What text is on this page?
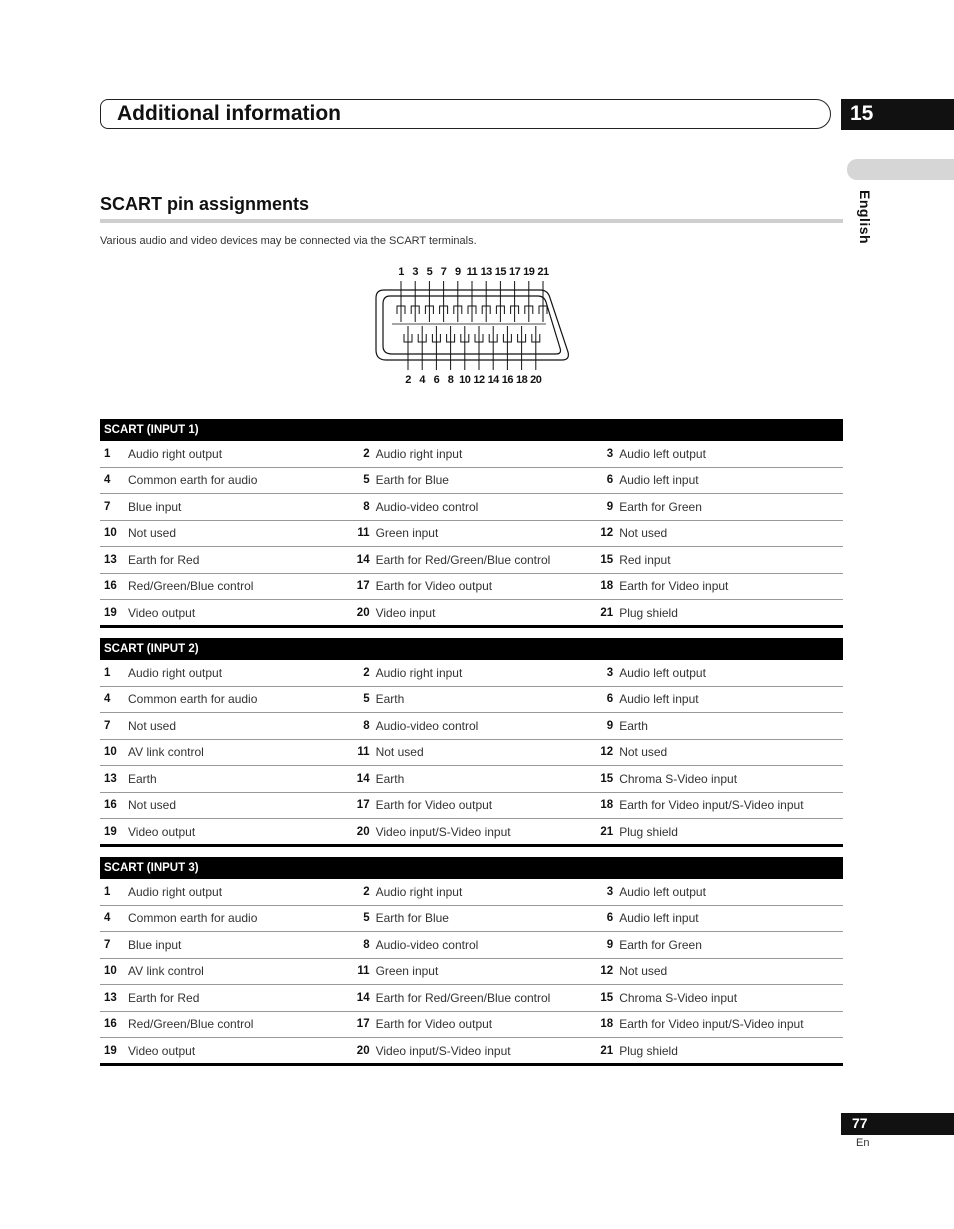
Additional information	15
English
SCART pin assignments
Various audio and video devices may be connected via the SCART terminals.
1 3 5 7 9 11 13 15 17 19 21
2 4 6 8 10 12 14 16 18 20
SCART (INPUT 1)
1	Audio right output	2 Audio right input	3 Audio left output
4	Common earth for audio	5 Earth for Blue	6 Audio left input
7	Blue input	8 Audio-video control	9 Earth for Green
10 Not used	11 Green input	12 Not used
13 Earth for Red	14 Earth for Red/Green/Blue control	15 Red input
16 Red/Green/Blue control	17 Earth for Video output	18 Earth for Video input
19 Video output	20 Video input	21 Plug shield
SCART (INPUT 2)
1	Audio right output	2 Audio right input	3 Audio left output
4	Common earth for audio	5 Earth	6 Audio left input
7	Not used	8 Audio-video control	9 Earth
10 AV link control	11 Not used	12 Not used
13 Earth	14 Earth	15 Chroma S-Video input
16 Not used	17 Earth for Video output	18 Earth for Video input/S-Video input
19 Video output	20 Video input/S-Video input	21 Plug shield
SCART (INPUT 3)
1	Audio right output	2 Audio right input	3 Audio left output
4	Common earth for audio	5 Earth for Blue	6 Audio left input
7	Blue input	8 Audio-video control	9 Earth for Green
10 AV link control	11 Green input	12 Not used
13 Earth for Red	14 Earth for Red/Green/Blue control	15 Chroma S-Video input
16 Red/Green/Blue control	17 Earth for Video output	18 Earth for Video input/S-Video input
19 Video output	20 Video input/S-Video input	21 Plug shield
77
En
